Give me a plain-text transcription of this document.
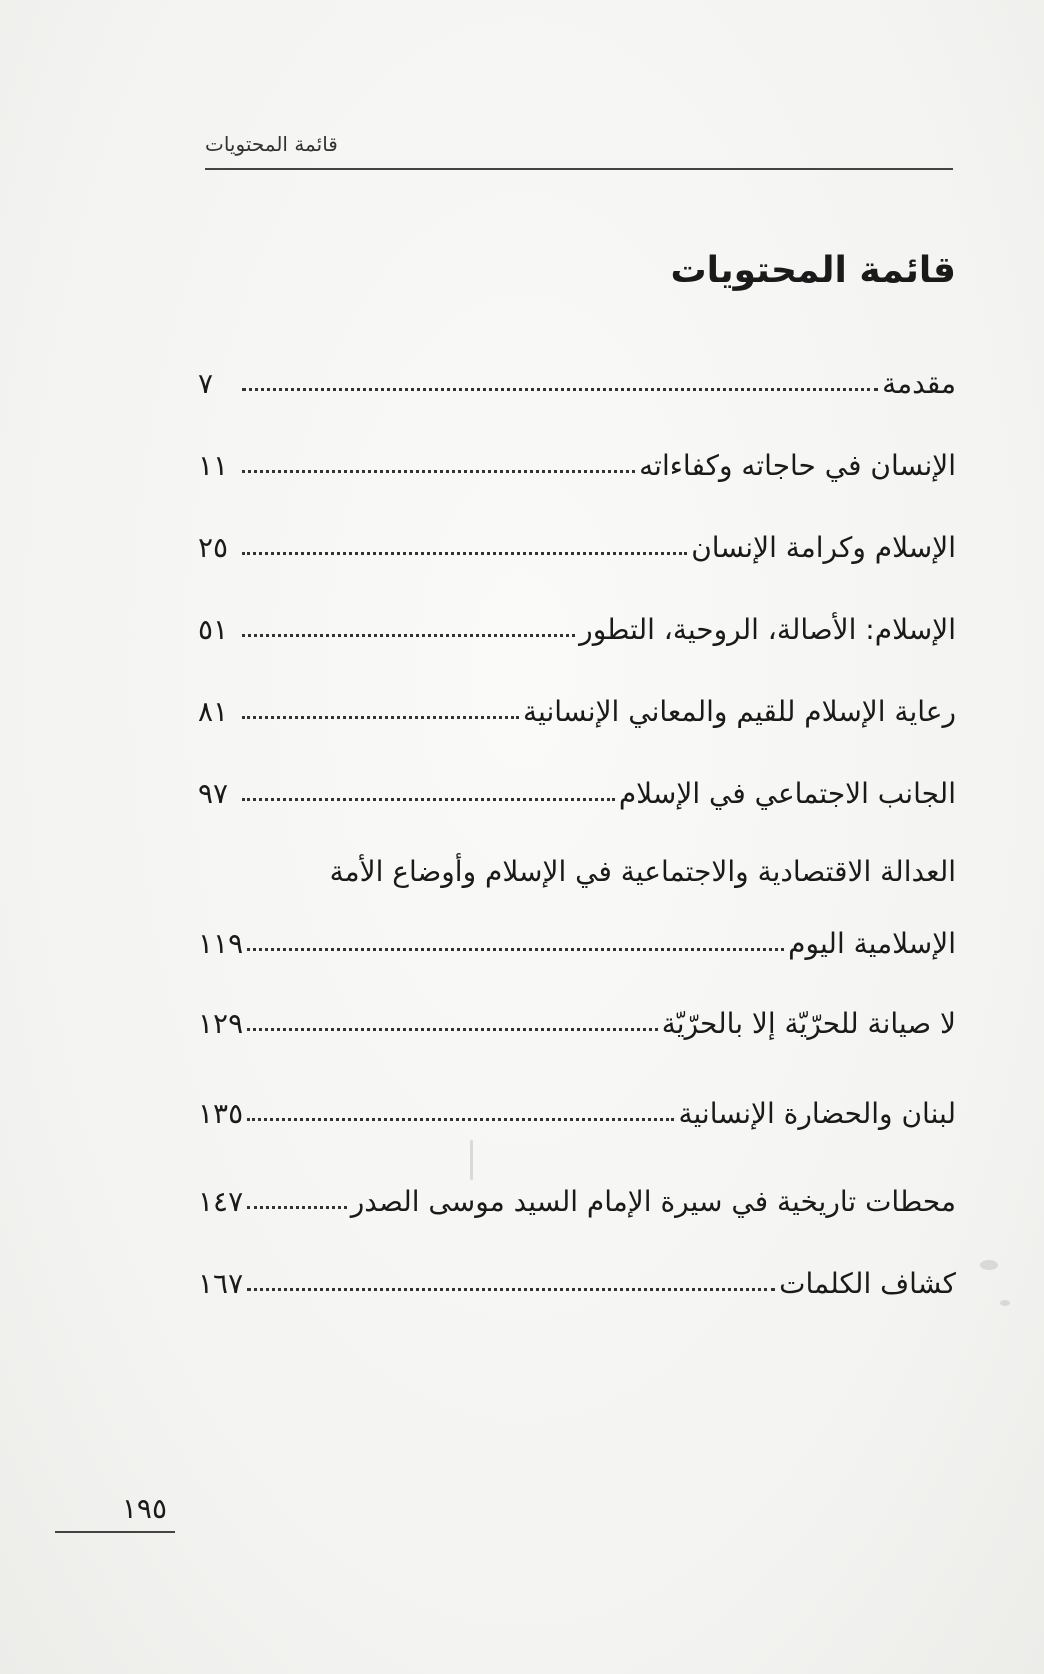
قائمة المحتويات
قائمة المحتويات
مقدمة
٧
الإنسان في حاجاته وكفاءاته
١١
الإسلام وكرامة الإنسان
٢٥
الإسلام: الأصالة، الروحية، التطور
٥١
رعاية الإسلام للقيم والمعاني الإنسانية
٨١
الجانب الاجتماعي في الإسلام
٩٧
العدالة الاقتصادية والاجتماعية في الإسلام وأوضاع الأمة
الإسلامية اليوم
١١٩
لا صيانة للحرّيّة إلا بالحرّيّة
١٢٩
لبنان والحضارة الإنسانية
١٣٥
محطات تاريخية في سيرة الإمام السيد موسى الصدر
١٤٧
كشاف الكلمات
١٦٧
١٩٥
